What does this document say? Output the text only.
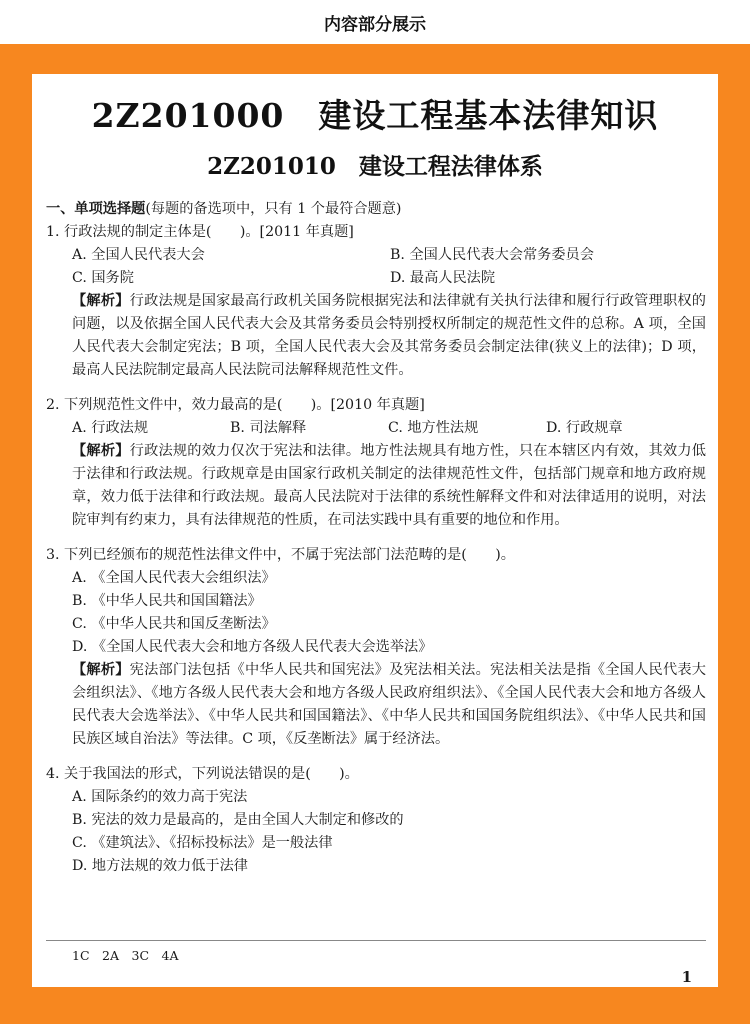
内容部分展示
2Z201000　建设工程基本法律知识
2Z201010　建设工程法律体系

一、单项选择题(每题的备选项中，只有 1 个最符合题意)

1. 行政法规的制定主体是(　　)。[2011 年真题]
A. 全国人民代表大会	B. 全国人民代表大会常务委员会
C. 国务院	D. 最高人民法院
【解析】行政法规是国家最高行政机关国务院根据宪法和法律就有关执行法律和履行行政管理职权的问题，以及依据全国人民代表大会及其常务委员会特别授权所制定的规范性文件的总称。A 项，全国人民代表大会制定宪法；B 项，全国人民代表大会及其常务委员会制定法律(狭义上的法律)；D 项，最高人民法院制定最高人民法院司法解释规范性文件。
2. 下列规范性文件中，效力最高的是(　　)。[2010 年真题]
A. 行政法规	B. 司法解释	C. 地方性法规	D. 行政规章
【解析】行政法规的效力仅次于宪法和法律。地方性法规具有地方性，只在本辖区内有效，其效力低于法律和行政法规。行政规章是由国家行政机关制定的法律规范性文件，包括部门规章和地方政府规章，效力低于法律和行政法规。最高人民法院对于法律的系统性解释文件和对法律适用的说明，对法院审判有约束力，具有法律规范的性质，在司法实践中具有重要的地位和作用。
3. 下列已经颁布的规范性法律文件中，不属于宪法部门法范畴的是(　　)。
A. 《全国人民代表大会组织法》
B. 《中华人民共和国国籍法》
C. 《中华人民共和国反垄断法》
D. 《全国人民代表大会和地方各级人民代表大会选举法》
【解析】宪法部门法包括《中华人民共和国宪法》及宪法相关法。宪法相关法是指《全国人民代表大会组织法》、《地方各级人民代表大会和地方各级人民政府组织法》、《全国人民代表大会和地方各级人民代表大会选举法》、《中华人民共和国国籍法》、《中华人民共和国国务院组织法》、《中华人民共和国民族区域自治法》等法律。C 项，《反垄断法》属于经济法。
4. 关于我国法的形式，下列说法错误的是(　　)。
A. 国际条约的效力高于宪法
B. 宪法的效力是最高的，是由全国人大制定和修改的
C. 《建筑法》、《招标投标法》是一般法律
D. 地方法规的效力低于法律
1C　2A　3C　4A
1
